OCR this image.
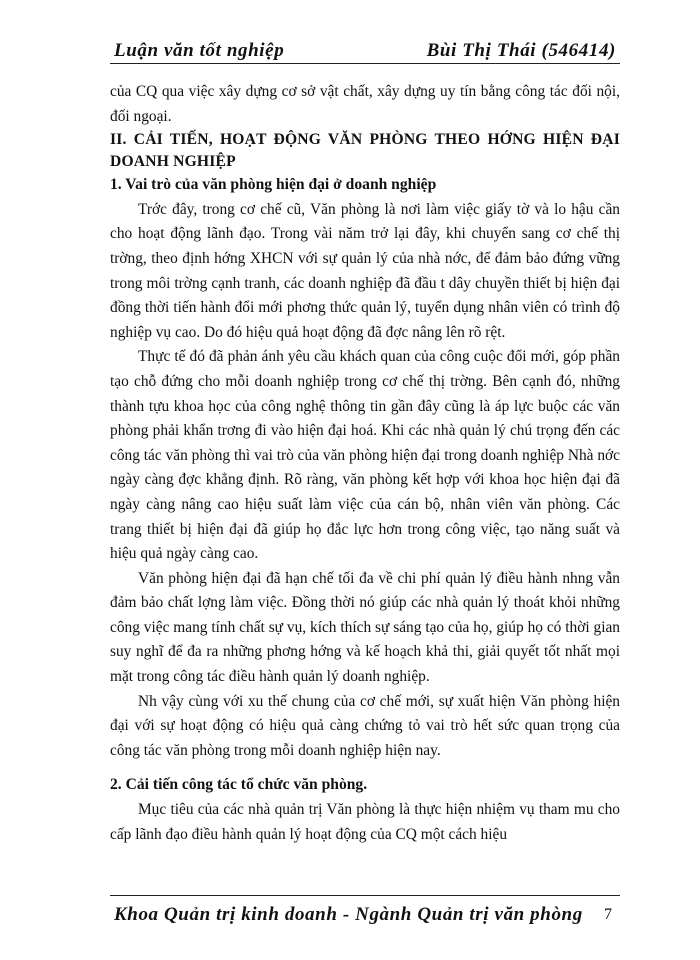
Luận văn tốt nghiệp	Bùi Thị Thái (546414)

của CQ qua việc xây dựng cơ sở vật chất, xây dựng uy tín bằng công tác đối nội, đối ngoại.

II. CẢI TIẾN, HOẠT ĐỘNG VĂN PHÒNG THEO HỚNG HIỆN ĐẠI DOANH NGHIỆP

1. Vai trò của văn phòng hiện đại ở doanh nghiệp

Trớc đây, trong cơ chế cũ, Văn phòng là nơi làm việc giấy tờ và lo hậu cần cho hoạt động lãnh đạo. Trong vài năm trở lại đây, khi chuyển sang cơ chế thị trờng, theo định hớng XHCN với sự quản lý của nhà nớc, để đảm bảo đứng vững trong môi trờng cạnh tranh, các doanh nghiệp đã đầu t dây chuyền thiết bị hiện đại đồng thời tiến hành đổi mới phơng thức quản lý, tuyển dụng nhân viên có trình độ nghiệp vụ cao. Do đó hiệu quả hoạt động đã đợc nâng lên rõ rệt.

Thực tế đó đã phản ánh yêu cầu khách quan của công cuộc đổi mới, góp phần tạo chỗ đứng cho mỗi doanh nghiệp trong cơ chế thị trờng. Bên cạnh đó, những thành tựu khoa học của công nghệ thông tin gần đây cũng là áp lực buộc các văn phòng phải khẩn trơng đi vào hiện đại hoá. Khi các nhà quản lý chú trọng đến các công tác văn phòng thì vai trò của văn phòng hiện đại trong doanh nghiệp Nhà nớc ngày càng đợc khẳng định. Rõ ràng, văn phòng kết hợp với khoa học hiện đại đã ngày càng nâng cao hiệu suất làm việc của cán bộ, nhân viên văn phòng. Các trang thiết bị hiện đại đã giúp họ đắc lực hơn trong công việc, tạo năng suất và hiệu quả ngày càng cao.

Văn phòng hiện đại đã hạn chế tối đa về chi phí quản lý điều hành nhng vẫn đảm bảo chất lợng làm việc. Đồng thời nó giúp các nhà quản lý thoát khỏi những công việc mang tính chất sự vụ, kích thích sự sáng tạo của họ, giúp họ có thời gian suy nghĩ để đa ra những phơng hớng và kế hoạch khả thi, giải quyết tốt nhất mọi mặt trong công tác điều hành quản lý doanh nghiệp.

Nh vậy cùng với xu thế chung của cơ chế mới, sự xuất hiện Văn phòng hiện đại với sự hoạt động có hiệu quả càng chứng tỏ vai trò hết sức quan trọng của công tác văn phòng trong mỗi doanh nghiệp hiện nay.

2. Cải tiến công tác tổ chức văn phòng.

Mục tiêu của các nhà quản trị Văn phòng là thực hiện nhiệm vụ tham mu cho cấp lãnh đạo điều hành quản lý hoạt động của CQ một cách hiệu

Khoa Quản trị kinh doanh - Ngành Quản trị văn phòng 7
